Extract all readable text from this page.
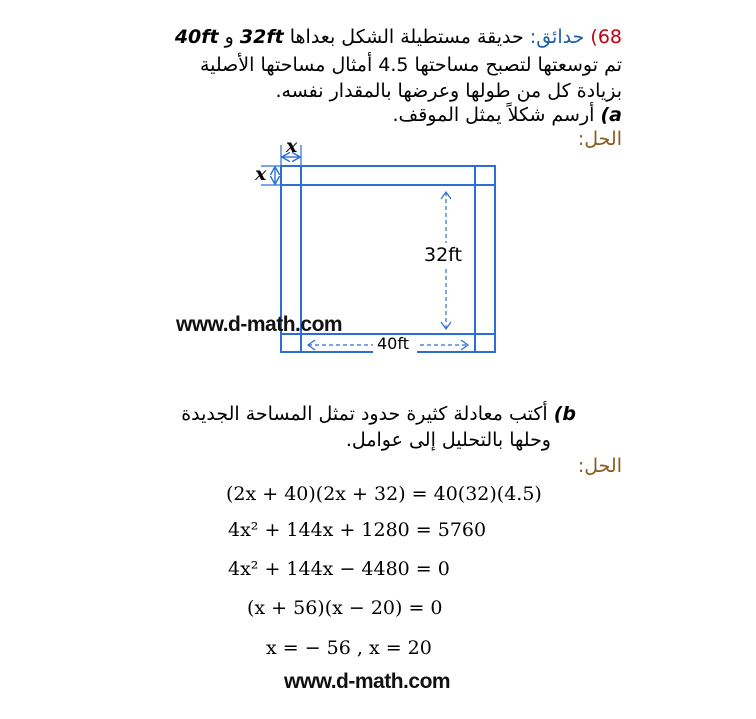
68) حدائق: حديقة مستطيلة الشكل بعداها 32ft و 40ft
تم توسعتها لتصبح مساحتها 4.5 أمثال مساحتها الأصلية
بزيادة كل من طولها وعرضها بالمقدار نفسه.
a) أرسم شكلاً يمثل الموقف.
الحل:
x
x
32ft
40ft
www.d-math.com
b) أكتب معادلة كثيرة حدود تمثل المساحة الجديدة
وحلها بالتحليل إلى عوامل.
الحل:
(2x + 40)(2x + 32) = 40(32)(4.5)
4x² + 144x + 1280 = 5760
4x² + 144x − 4480 = 0
(x + 56)(x − 20) = 0
x = − 56 , x = 20
www.d-math.com
